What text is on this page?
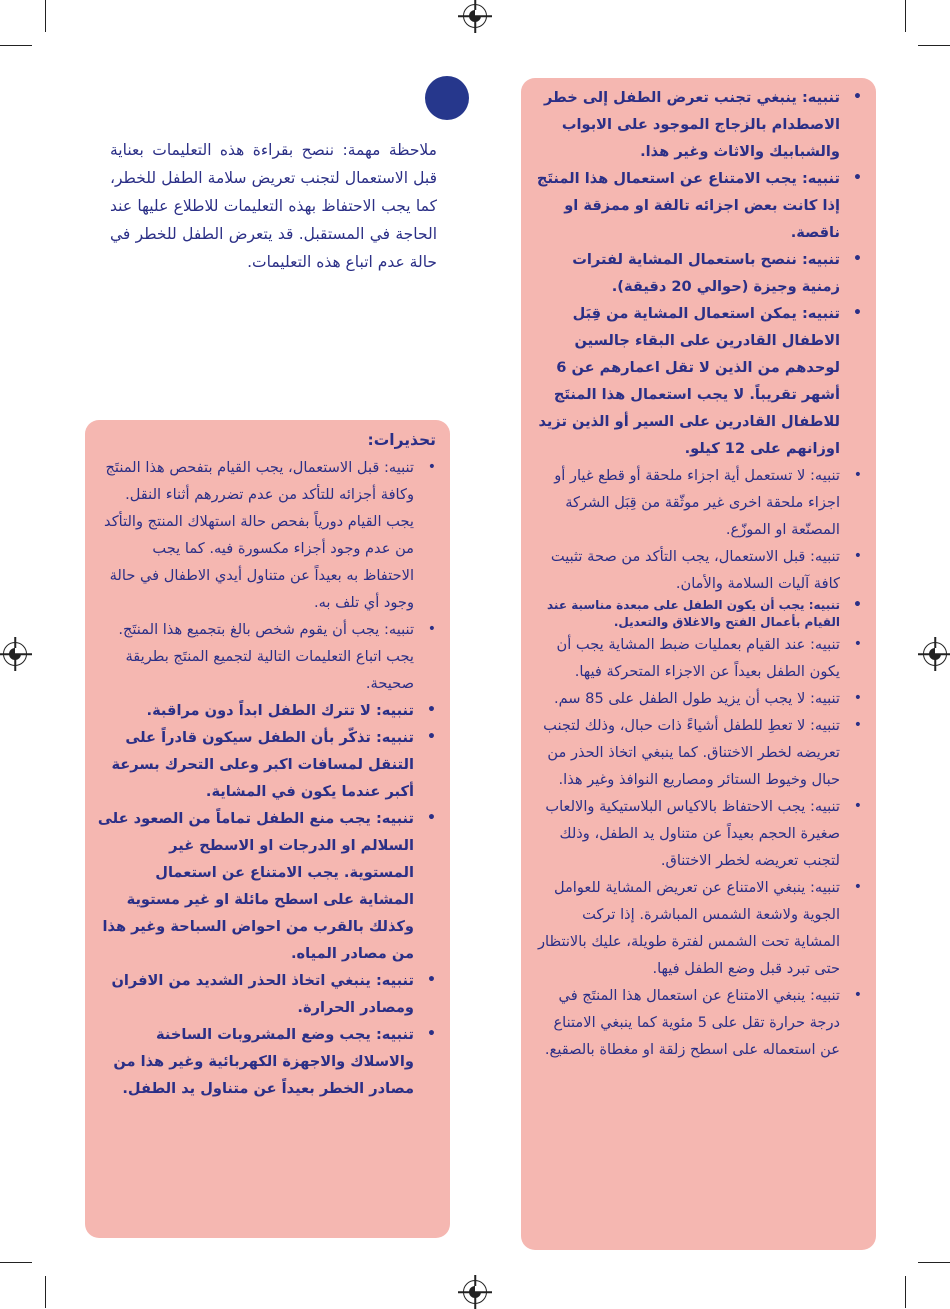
ملاحظة مهمة: ننصح بقراءة هذه التعليمات بعناية قبل الاستعمال لتجنب تعريض سلامة الطفل للخطر، كما يجب الاحتفاظ بهذه التعليمات للاطلاع عليها عند الحاجة في المستقبل. قد يتعرض الطفل للخطر في حالة عدم اتباع هذه التعليمات.

• تنبيه: ينبغي تجنب تعرض الطفل إلى خطر الاصطدام بالزجاج الموجود على الابواب والشبابيك والاثاث وغير هذا.
• تنبيه: يجب الامتناع عن استعمال هذا المنتَج إذا كانت بعض اجزائه تالفة او ممزقة او ناقصة.
• تنبيه: ننصح باستعمال المشاية لفترات زمنية وجيزة (حوالي 20 دقيقة).
• تنبيه: يمكن استعمال المشاية من قِبَل الاطفال القادرين على البقاء جالسين لوحدهم من الذين لا تقل اعمارهم عن 6 أشهر تقريباً. لا يجب استعمال هذا المنتَج للاطفال القادرين على السير أو الذين تزيد اوزانهم على 12 كيلو.
• تنبيه: لا تستعمل أية اجزاء ملحقة أو قطع غيار أو اجزاء ملحقة اخرى غير موثّقة من قِبَل الشركة المصنّعة او الموزّع.
• تنبيه: قبل الاستعمال، يجب التأكد من صحة تثبيت كافة آليات السلامة والأمان.
• تنبيه: يجب أن يكون الطفل على مبعدة مناسبة عند القيام بأعمال الفتح والاغلاق والتعديل.
• تنبيه: عند القيام بعمليات ضبط المشاية يجب أن يكون الطفل بعيداً عن الاجزاء المتحركة فيها.
• تنبيه: لا يجب أن يزيد طول الطفل على 85 سم.
• تنبيه: لا تعطِ للطفل أشياءً ذات حبال، وذلك لتجنب تعريضه لخطر الاختناق. كما ينبغي اتخاذ الحذر من حبال وخيوط الستائر ومصاريع النوافذ وغير هذا.
• تنبيه: يجب الاحتفاظ بالاكياس البلاستيكية والالعاب صغيرة الحجم بعيداً عن متناول يد الطفل، وذلك لتجنب تعريضه لخطر الاختناق.
• تنبيه: ينبغي الامتناع عن تعريض المشاية للعوامل الجوية ولاشعة الشمس المباشرة. إذا تركت المشاية تحت الشمس لفترة طويلة، عليك بالانتظار حتى تبرد قبل وضع الطفل فيها.
• تنبيه: ينبغي الامتناع عن استعمال هذا المنتَج في درجة حرارة تقل على 5 مئوية كما ينبغي الامتناع عن استعماله على اسطح زلقة او مغطاة بالصقيع.

تحذيرات:

• تنبيه: قبل الاستعمال، يجب القيام بتفحص هذا المنتَج وكافة أجزائه للتأكد من عدم تضررهم أثناء النقل. يجب القيام دورياً بفحص حالة استهلاك المنتج والتأكد من عدم وجود أجزاء مكسورة فيه. كما يجب الاحتفاظ به بعيداً عن متناول أيدي الاطفال في حالة وجود أي تلف به.
• تنبيه: يجب أن يقوم شخص بالغ بتجميع هذا المنتَج. يجب اتباع التعليمات التالية لتجميع المنتَج بطريقة صحيحة.
• تنبيه: لا تترك الطفل ابداً دون مراقبة.
• تنبيه: تذكّر بأن الطفل سيكون قادراً على التنقل لمسافات اكبر وعلى التحرك بسرعة أكبر عندما يكون في المشاية.
• تنبيه: يجب منع الطفل تماماً من الصعود على السلالم او الدرجات او الاسطح غير المستوية. يجب الامتناع عن استعمال المشاية على اسطح مائلة او غير مستوية وكذلك بالقرب من احواض السباحة وغير هذا من مصادر المياه.
• تنبيه: ينبغي اتخاذ الحذر الشديد من الافران ومصادر الحرارة.
• تنبيه: يجب وضع المشروبات الساخنة والاسلاك والاجهزة الكهربائية وغير هذا من مصادر الخطر بعيداً عن متناول يد الطفل.
